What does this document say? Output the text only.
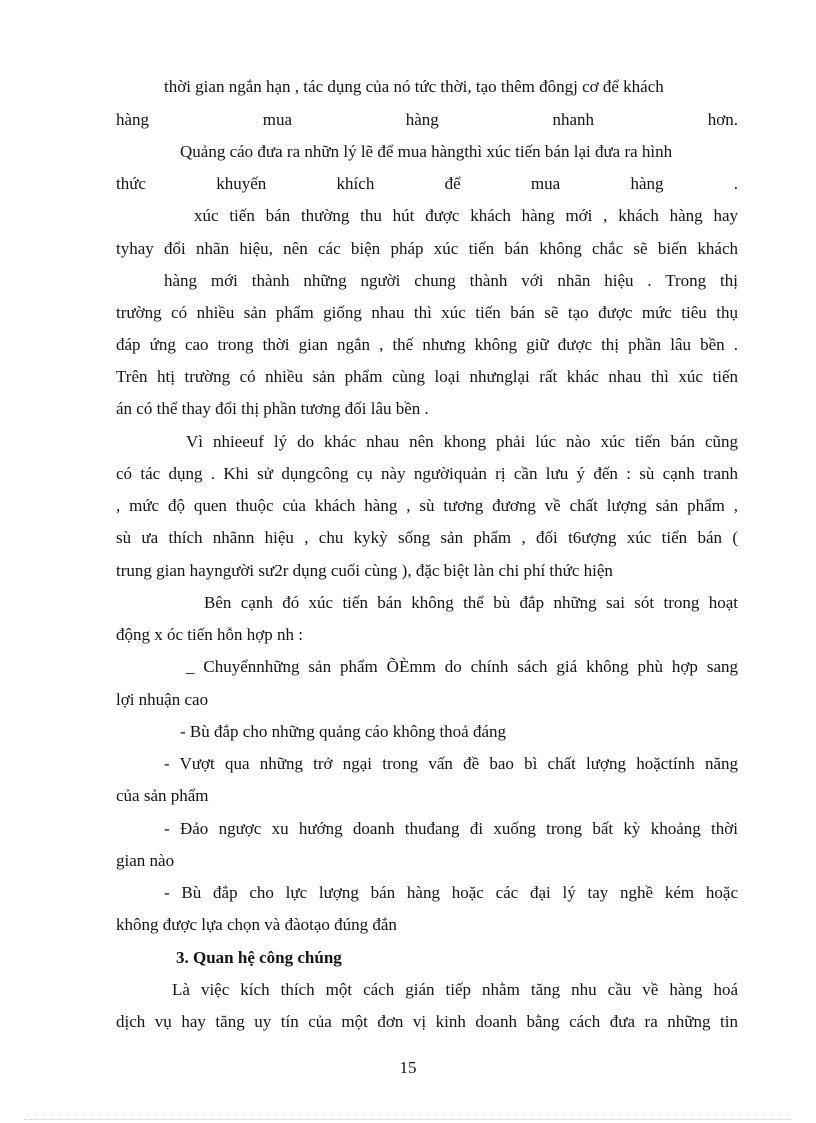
thời gian ngắn hạn , tác dụng của nó tức thời, tạo thêm đôngj cơ để khách
hàng mua hàng nhanh hơn.
Quảng cáo đưa ra nhữn lý lẽ để mua hàngthì xúc tiến bán lại đưa ra hình
thức khuyến khích để mua hàng .
xúc tiến bán thường thu hút được khách hàng mới , khách hàng hay
tyhay đổi nhãn hiệu, nên các biện pháp xúc tiến bán không chắc sẽ biến khách
hàng mới thành những người chung thành với nhãn hiệu . Trong thị
trường có nhiều sản phẩm giống nhau thì xúc tiến bán sẽ tạo được mức tiêu thụ
đáp ứng cao trong thời gian ngắn , thế nhưng không giữ được thị phần lâu bền .
Trên htị trường có nhiều sản phẩm cùng loại nhưnglại rất khác nhau thì xúc tiến
án có thể thay đổi thị phần tương đối lâu bền .
Vì nhieeuf lý do khác nhau nên khong phải lúc nào xúc tiến bán cũng
có tác dụng . Khi sử dụngcông cụ này ngườiquản rị cần lưu ý đến : sù cạnh tranh
, mức độ quen thuộc của khách hàng , sù tương đương về chất lượng sản phẩm ,
sù ưa thích nhãnn hiệu , chu kykỳ sống sản phẩm , đối t6ượng xúc tiến bán (
trung gian hayngười sư2r dụng cuối cùng ), đặc biệt làn chi phí thức hiện
Bên cạnh đó xúc tiến bán không thể bù đắp những sai sót trong hoạt
động x óc tiến hỗn hợp nh :
_ Chuyểnnhững sản phẩm ÕÈmm do chính sách giá không phù hợp sang
lợi nhuận cao
- Bù đắp cho những quảng cáo không thoả đáng
- Vượt qua những trở ngại trong vấn đề bao bì chất lượng hoặctính năng
của sản phẩm
- Đảo ngược xu hướng doanh thuđang đi xuống trong bất kỳ khoảng thời
gian nào
- Bù đắp cho lực lượng bán hàng hoặc các đại lý tay nghề kém hoặc
không được lựa chọn và đàotạo đúng đắn
3. Quan hệ công chúng
Là việc kích thích một cách gián tiếp nhằm tăng nhu cầu về hàng hoá
dịch vụ hay tăng uy tín của một đơn vị kinh doanh bằng cách đưa ra những tin
15
